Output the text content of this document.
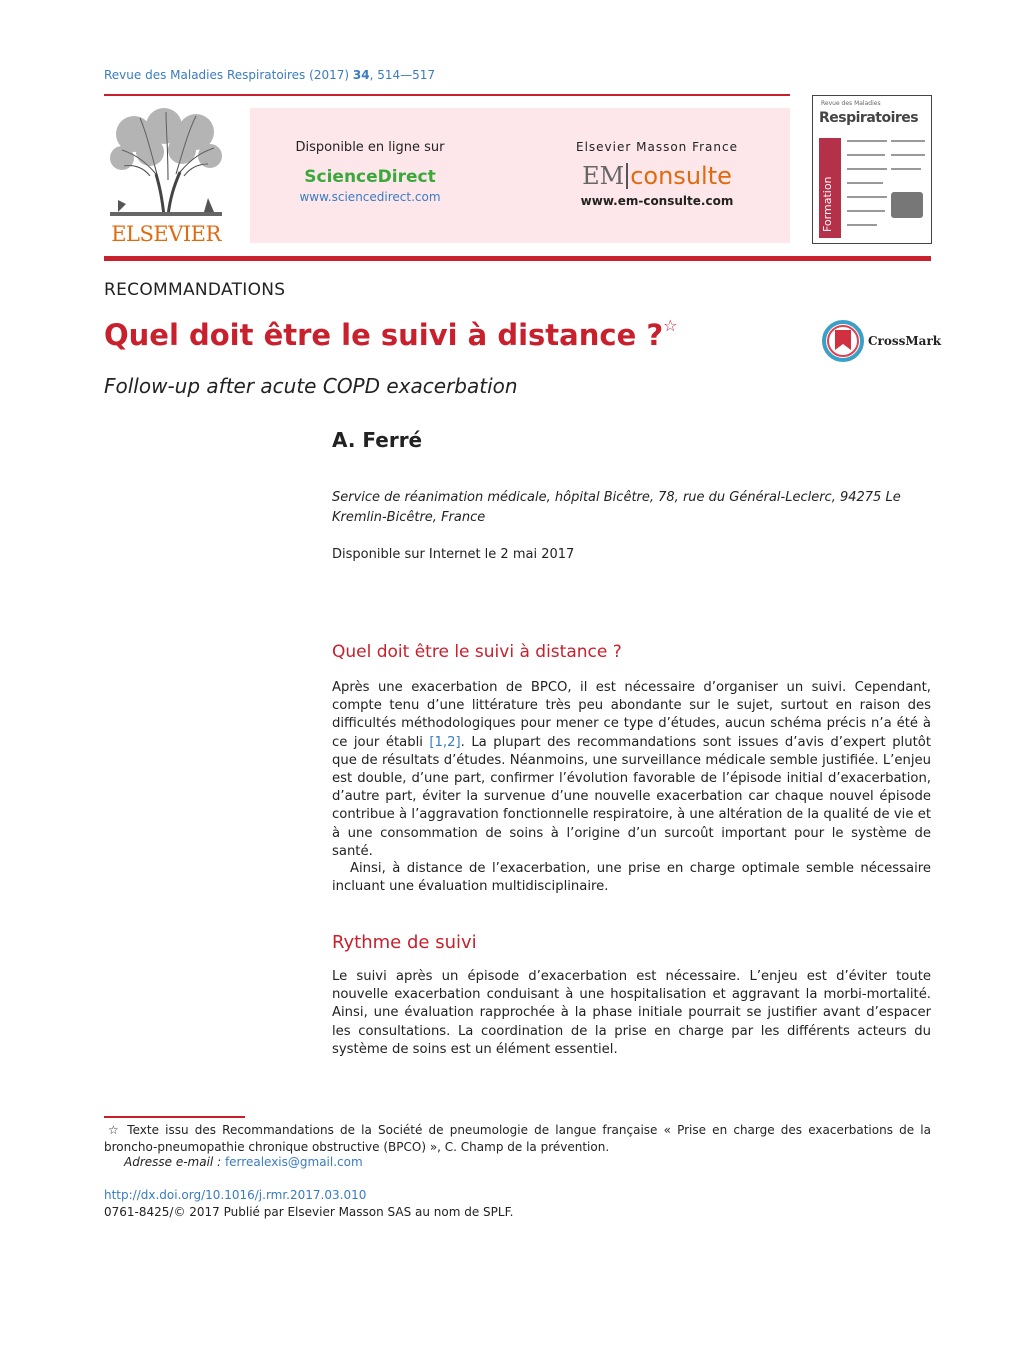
Revue des Maladies Respiratoires (2017) 34, 514—517
ELSEVIER
Disponible en ligne sur
ScienceDirect
www.sciencedirect.com
Elsevier Masson France
EM consulte
www.em-consulte.com
Revue des Maladies
Respiratoires
Formation
RECOMMANDATIONS
Quel doit être le suivi à distance ?☆
CrossMark
Follow-up after acute COPD exacerbation
A. Ferré
Service de réanimation médicale, hôpital Bicêtre, 78, rue du Général-Leclerc, 94275 Le Kremlin-Bicêtre, France
Disponible sur Internet le 2 mai 2017
Quel doit être le suivi à distance ?

Après une exacerbation de BPCO, il est nécessaire d’organiser un suivi. Cependant, compte tenu d’une littérature très peu abondante sur le sujet, surtout en raison des difficultés méthodologiques pour mener ce type d’études, aucun schéma précis n’a été à ce jour établi [1,2]. La plupart des recommandations sont issues d’avis d’expert plutôt que de résultats d’études. Néanmoins, une surveillance médicale semble justifiée. L’enjeu est double, d’une part, confirmer l’évolution favorable de l’épisode initial d’exacerbation, d’autre part, éviter la survenue d’une nouvelle exacerbation car chaque nouvel épisode contribue à l’aggravation fonctionnelle respiratoire, à une altération de la qualité de vie et à une consommation de soins à l’origine d’un surcoût important pour le système de santé.

Ainsi, à distance de l’exacerbation, une prise en charge optimale semble nécessaire incluant une évaluation multidisciplinaire.

Rythme de suivi

Le suivi après un épisode d’exacerbation est nécessaire. L’enjeu est d’éviter toute nouvelle exacerbation conduisant à une hospitalisation et aggravant la morbi-mortalité. Ainsi, une évaluation rapprochée à la phase initiale pourrait se justifier avant d’espacer les consultations. La coordination de la prise en charge par les différents acteurs du système de soins est un élément essentiel.

☆ Texte issu des Recommandations de la Société de pneumologie de langue française « Prise en charge des exacerbations de la broncho-pneumopathie chronique obstructive (BPCO) », C. Champ de la prévention.
Adresse e-mail : ferrealexis@gmail.com
http://dx.doi.org/10.1016/j.rmr.2017.03.010
0761-8425/© 2017 Publié par Elsevier Masson SAS au nom de SPLF.
